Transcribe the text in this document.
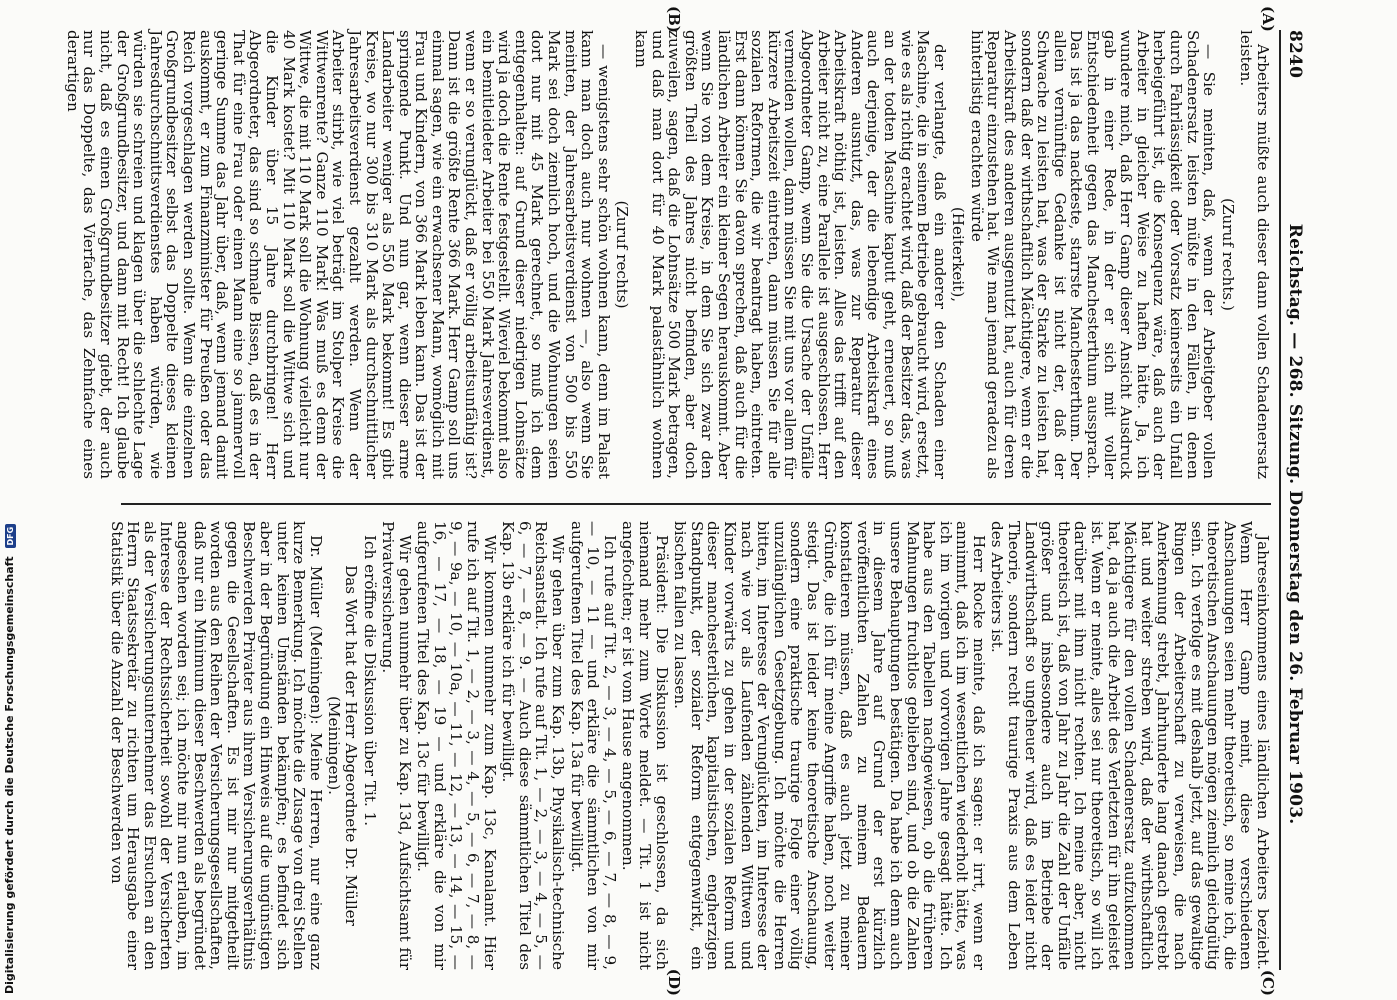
8240
Reichstag. — 268. Sitzung. Donnerstag den 26. Februar 1903.
(A)
(B)
(C)
(D)

Arbeiters müßte auch dieser dann vollen Schadenersatz leisten.

(Zuruf rechts.)

— Sie meinten, daß, wenn der Arbeitgeber vollen Schadenersatz leisten müßte in den Fällen, in denen durch Fahrlässigkeit oder Vorsatz keinerseits ein Unfall herbeigeführt ist, die Konsequenz wäre, daß auch der Arbeiter in gleicher Weise zu haften hätte. Ja, ich wundere mich, daß Herr Gamp dieser Ansicht Ausdruck gab in einer Rede, in der er sich mit voller Entschiedenheit gegen das Manchesterthum aussprach. Das ist ja das nackteste, starrste Manchesterthum. Der allein vernünftige Gedanke ist nicht der, daß der Schwache zu leisten hat, was der Starke zu leisten hat, sondern daß der wirthschaftlich Mächtigere, wenn er die Arbeitskraft des anderen ausgenutzt hat, auch für deren Reparatur einzustehen hat. Wie man jemand geradezu als hinterlistig erachten würde

(Heiterkeit),

der verlangte, daß ein anderer den Schaden einer Maschine, die in seinem Betriebe gebraucht wird, ersetzt, wie es als richtig erachtet wird, daß der Besitzer das, was an der todten Maschine kaputt geht, erneuert, so muß auch derjenige, der die lebendige Arbeitskraft eines Anderen ausnutzt, das, was zur Reparatur dieser Arbeitskraft nöthig ist, leisten. Alles das trifft auf den Arbeiter nicht zu, eine Parallele ist ausgeschlossen. Herr Abgeordneter Gamp, wenn Sie die Ursache der Unfälle vermeiden wollen, dann müssen Sie mit uns vor allem für kürzere Arbeitszeit eintreten, dann müssen Sie für alle sozialen Reformen, die wir beantragt haben, eintreten. Erst dann können Sie davon sprechen, daß auch für die ländlichen Arbeiter ein kleiner Segen herauskommt. Aber wenn Sie von dem Kreise, in dem Sie sich zwar den größten Theil des Jahres nicht befinden, aber doch zuweilen, sagen, daß die Lohnsätze 500 Mark betragen, und daß man dort für 40 Mark palastähnlich wohnen kann

(Zuruf rechts)

— wenigstens sehr schön wohnen kann, denn im Palast kann man doch auch nur wohnen —, also wenn Sie meinten, der Jahresarbeitsverdienst von 500 bis 550 Mark sei doch ziemlich hoch, und die Wohnungen seien dort nur mit 45 Mark gerechnet, so muß ich dem entgegenhalten: auf Grund dieser niedrigen Lohnsätze wird ja doch die Rente festgestellt. Wieviel bekommt also ein bemitleideter Arbeiter bei 550 Mark Jahresverdienst, wenn er so verunglückt, daß er völlig arbeitsunfähig ist? Dann ist die größte Rente 366 Mark. Herr Gamp soll uns einmal sagen, wie ein erwachsener Mann, womöglich mit Frau und Kindern, von 366 Mark leben kann. Das ist der springende Punkt. Und nun gar, wenn dieser arme Landarbeiter weniger als 550 Mark bekommt! Es gibt Kreise, wo nur 300 bis 310 Mark als durchschnittlicher Jahresarbeitsverdienst gezahlt werden. Wenn der Arbeiter stirbt, wie viel beträgt im Stolper Kreise die Wittwenrente? Ganze 110 Mark! Was muß es denn der Wittwe, die mit 110 Mark soll die Wohnung vielleicht nur 40 Mark kostet? Mit 110 Mark soll die Wittwe sich und die Kinder über 15 Jahre durchbringen! Herr Abgeordneter, das sind so schmale Bissen, daß es in der That für eine Frau oder einen Mann eine so jammervoll geringe Summe das Jahr über, daß, wenn jemand damit auskommt, er zum Finanzminister für Preußen oder das Reich vorgeschlagen werden sollte. Wenn die einzelnen Großgrundbesitzer selbst das Doppelte dieses kleinen Jahresdurchschnittsverdienstes haben würden, wie würden sie schreien und klagen über die schlechte Lage der Großgrundbesitzer, und dann mit Recht! Ich glaube nicht, daß es einen Großgrundbesitzer giebt, der auch nur das Doppelte, das Vierfache, das Zehnfache eines derartigen

Jahreseinkommens eines ländlichen Arbeiters bezieht. Wenn Herr Gamp meint, diese verschiedenen Anschauungen seien mehr theoretisch, so meine ich, die theoretischen Anschauungen mögen ziemlich gleichgültig sein. Ich verfolge es mit deshalb jetzt, auf das gewaltige Ringen der Arbeiterschaft zu verweisen, die nach Anerkennung strebt, Jahrhunderte lang danach gestrebt hat und weiter streben wird, daß der wirthschaftlich Mächtigere für den vollen Schadenersatz aufzukommen hat, da ja auch die Arbeit des Verletzten für ihn geleistet ist. Wenn er meinte, alles sei nur theoretisch, so will ich darüber mit ihm nicht rechten. Ich meine aber, nicht theoretisch ist, daß von Jahr zu Jahr die Zahl der Unfälle größer und insbesondere auch im Betriebe der Landwirthschaft so ungeheuer wird, daß es leider nicht Theorie, sondern recht traurige Praxis aus dem Leben des Arbeiters ist.

Herr Rocke meinte, daß ich sagen: er irrt, wenn er annimmt, daß ich im wesentlichen wiederholt hätte, was ich im vorigen und vorvorigen Jahre gesagt hätte. Ich habe aus den Tabellen nachgewiesen, ob die früheren Mahnungen fruchtlos geblieben sind, und ob die Zahlen unsere Behauptungen bestätigen. Da habe ich denn auch in diesem Jahre auf Grund der erst kürzlich veröffentlichten Zahlen zu meinem Bedauern konstatieren müssen, daß es auch jetzt zu meiner Gründe, die ich für meine Angriffe haben, noch weiter steigt. Das ist leider keine theoretische Anschauung, sondern eine praktische traurige Folge einer völlig unzulänglichen Gesetzgebung. Ich möchte die Herren bitten, im Interesse der Verunglückten, im Interesse der nach wie vor als Laufenden zählenden Wittwen und Kinder vorwärts zu gehen in der sozialen Reform und dieser manchesterlichen, kapitalistischen, engherzigen Standpunkt, der sozialer Reform entgegenwirkt, ein bischen fallen zu lassen.

Präsident: Die Diskussion ist geschlossen, da sich niemand mehr zum Worte meldet. — Tit. 1 ist nicht angefochten; er ist vom Hause angenommen.

Ich rufe auf Tit. 2, — 3, — 4, — 5, — 6, — 7, — 8, — 9, — 10, — 11 — und erkläre die sämmtlichen von mir aufgerufenen Titel des Kap. 13a für bewilligt.

Wir gehen über zum Kap. 13b, Physikalisch-technische Reichsanstalt. Ich rufe auf Tit. 1, — 2, — 3, — 4, — 5, — 6, — 7, — 8, — 9. — Auch diese sämmtlichen Titel des Kap. 13b erkläre ich für bewilligt.

Wir kommen nunmehr zum Kap. 13c, Kanalamt. Hier rufe ich auf Tit. 1, — 2, — 3, — 4, — 5, — 6, — 7, — 8, — 9, — 9a, — 10, — 10a, — 11, — 12, — 13, — 14, — 15, — 16, — 17, — 18, — 19 — und erkläre die von mir aufgerufenen Titel des Kap. 13c für bewilligt.

Wir gehen nunmehr über zu Kap. 13d, Aufsichtsamt für Privatversicherung.

Ich eröffne die Diskussion über Tit. 1.

Das Wort hat der Herr Abgeordnete Dr. Müller (Meiningen).

Dr. Müller (Meiningen): Meine Herren, nur eine ganz kurze Bemerkung. Ich möchte die Zusage von drei Stellen unter keinen Umständen bekämpfen; es befindet sich aber in der Begründung ein Hinweis auf die ungünstigen Beschwerden Privater aus ihrem Versicherungsverhältnis gegen die Gesellschaften. Es ist mir nur mitgetheilt worden aus den Reihen der Versicherungsgesellschaften, daß nur ein Minimum dieser Beschwerden als begründet angesehen worden sei; ich möchte mir nun erlauben, im Interesse der Rechtssicherheit sowohl der Versicherten als der Versicherungsunternehmer das Ersuchen an den Herrn Staatssekretär zu richten um Herausgabe einer Statistik über die Anzahl der Beschwerden von

Digitalisierung gefördert durch die Deutsche Forschungsgemeinschaft DFG
